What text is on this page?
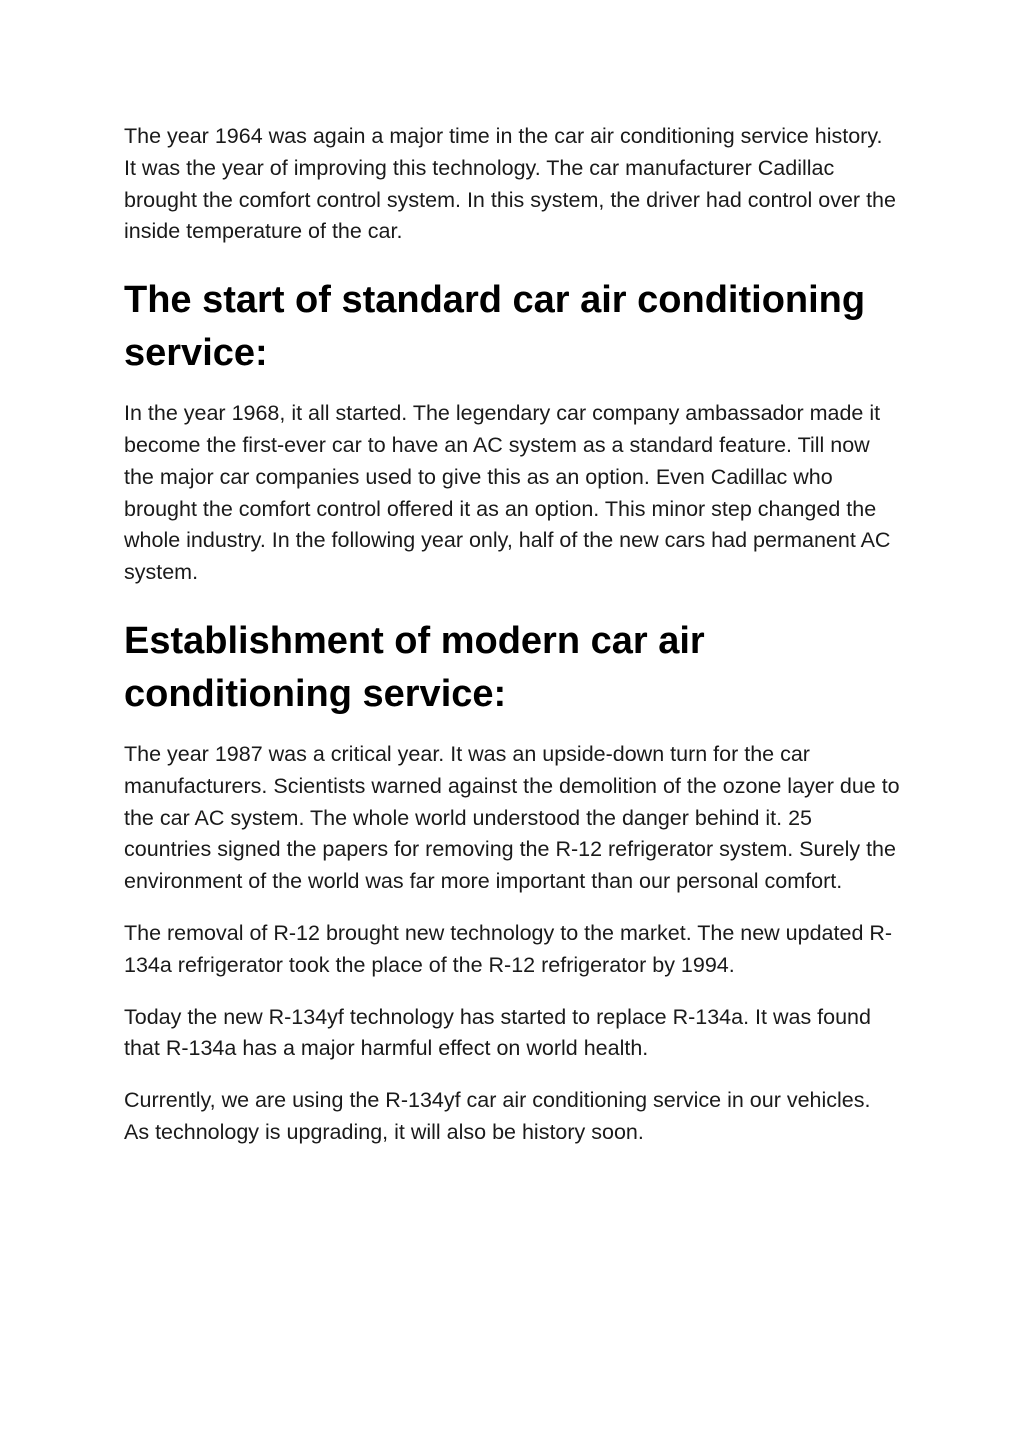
The year 1964 was again a major time in the car air conditioning service history. It was the year of improving this technology. The car manufacturer Cadillac brought the comfort control system. In this system, the driver had control over the inside temperature of the car.

The start of standard car air conditioning service:

In the year 1968, it all started. The legendary car company ambassador made it become the first-ever car to have an AC system as a standard feature. Till now the major car companies used to give this as an option. Even Cadillac who brought the comfort control offered it as an option. This minor step changed the whole industry. In the following year only, half of the new cars had permanent AC system.

Establishment of modern car air conditioning service:

The year 1987 was a critical year. It was an upside-down turn for the car manufacturers. Scientists warned against the demolition of the ozone layer due to the car AC system. The whole world understood the danger behind it. 25 countries signed the papers for removing the R-12 refrigerator system. Surely the environment of the world was far more important than our personal comfort.

The removal of R-12 brought new technology to the market. The new updated R-134a refrigerator took the place of the R-12 refrigerator by 1994.

Today the new R-134yf technology has started to replace R-134a. It was found that R-134a has a major harmful effect on world health.

Currently, we are using the R-134yf car air conditioning service in our vehicles. As technology is upgrading, it will also be history soon.
